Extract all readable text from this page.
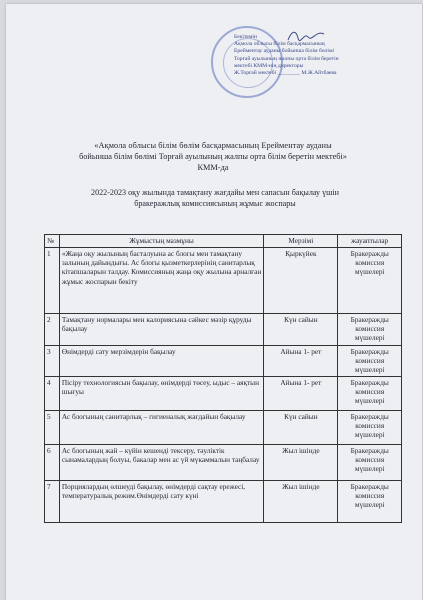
Бекітемін
Ақмола облысы білім басқармасының
Ерейментау ауданы бойынша білім бөлімі
Торғай ауылының жалпы орта білім беретін
мектебі КММ-нің директоры
Ж.Торғай мектебі ________ М.Ж.Айтбаева
«Ақмола облысы білім бөлім басқармасының Ерейментау ауданы
бойынша білім бөлімі Торғай ауылының жалпы орта білім беретін мектебі»
КММ-да
2022-2023 оқу жылында тамақтану жағдайы мен сапасын бақылау үшін
бракеражлық комиссиясының жұмыс жоспары
№	Жұмыстың мазмұны	Мерзімі	жауаптылар
1	«Жаңа оқу жылының басталуына ас блогы мен тамақтану залының дайындығы. Ас блогы қызметкерлерінің санитарлық кітапшаларын талдау. Комиссияның жаңа оқу жылына арналған жұмыс жоспарын бекіту	Қыркүйек	Бракеражды комиссия мүшелері
2	Тамақтану нормалары мен калориясына сәйкес мәзір құруды бақылау	Күн сайын	Бракеражды комиссия мүшелері
3	Өнімдерді сату мерзімдерін бақылау	Айына 1- рет	Бракеражды комиссия мүшелері
4	Пісіру технологиясын бақылау, өнімдерді төсеу, ыдыс – аяқтын шығуы	Айына 1- рет	Бракеражды комиссия мүшелері
5	Ас блогының санитарлық – гигиеналық жағдайын бақылау	Күн сайын	Бракеражды комиссия мүшелері
6	Ас блогының жай – күйін кешенді тексеру, тәуліктік сынамалардың болуы, бакалар мен ас үй мүкаммалын таңбалау	Жыл ішінде	Бракеражды комиссия мүшелері
7	Порциялардың өлшеуді бақылау, өнімдерді сақтау ережесі, температуралық режим.Өнімдерді сату күні	Жыл ішінде	Бракеражды комиссия мүшелері
